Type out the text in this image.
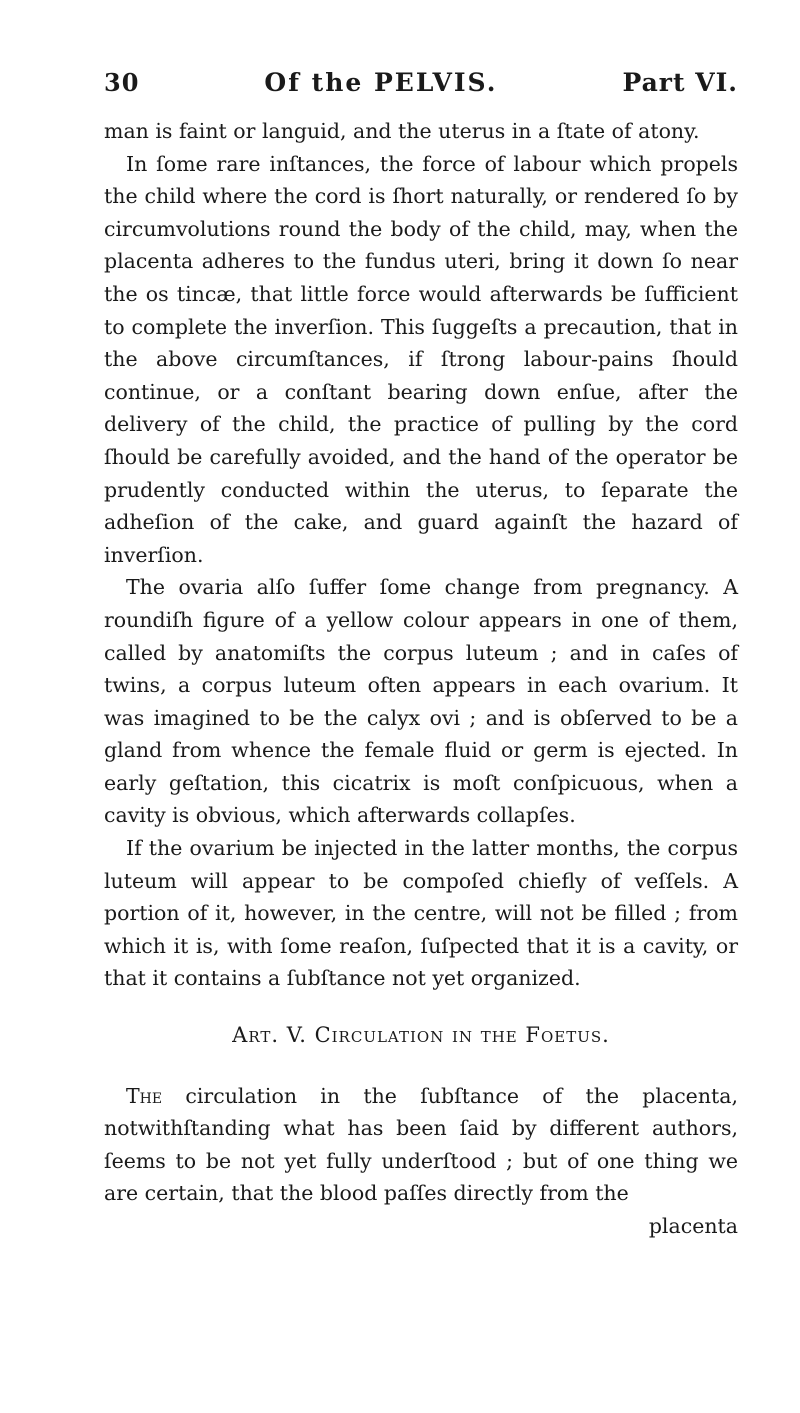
30	Of the PELVIS.	Part VI.

man is faint or languid, and the uterus in a ſtate of atony.

In ſome rare inſtances, the force of labour which propels the child where the cord is ſhort naturally, or rendered ſo by circumvolutions round the body of the child, may, when the placenta adheres to the fundus uteri, bring it down ſo near the os tincæ, that little force would afterwards be ſufficient to complete the inverſion. This ſuggeſts a precaution, that in the above circumſtances, if ſtrong labour-pains ſhould continue, or a conſtant bearing down enſue, after the delivery of the child, the practice of pulling by the cord ſhould be carefully avoided, and the hand of the operator be prudently conducted within the uterus, to ſeparate the adheſion of the cake, and guard againſt the hazard of inverſion.

The ovaria alſo ſuffer ſome change from pregnancy. A roundiſh figure of a yellow colour appears in one of them, called by anatomiſts the corpus luteum ; and in caſes of twins, a corpus luteum often appears in each ovarium. It was imagined to be the calyx ovi ; and is obſerved to be a gland from whence the female fluid or germ is ejected. In early geſtation, this cicatrix is moſt conſpicuous, when a cavity is obvious, which afterwards collapſes.

If the ovarium be injected in the latter months, the corpus luteum will appear to be compoſed chiefly of veſſels. A portion of it, however, in the centre, will not be filled ; from which it is, with ſome reaſon, ſuſpected that it is a cavity, or that it contains a ſubſtance not yet organized.

Art. V. Circulation in the Foetus.

The circulation in the ſubſtance of the placenta, notwithſtanding what has been ſaid by different authors, ſeems to be not yet fully underſtood ; but of one thing we are certain, that the blood paſſes directly from the

placenta
